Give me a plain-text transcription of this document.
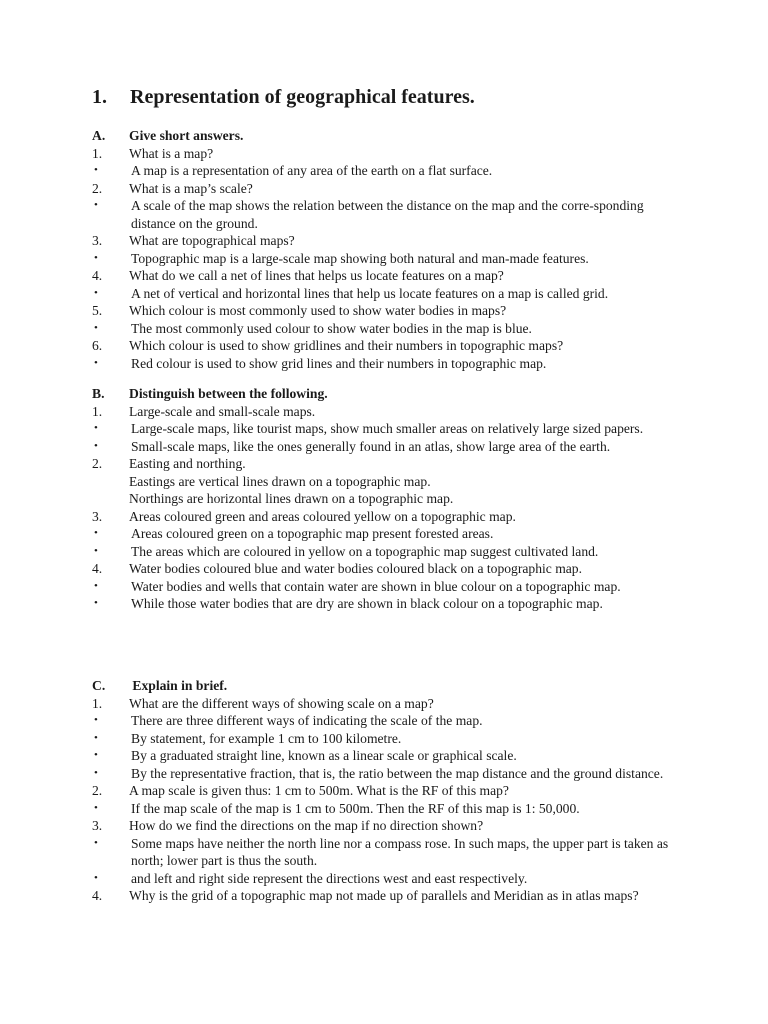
1. Representation of geographical features.
A.	Give short answers.
1.	What is a map?
•	A map is a representation of any area of the earth on a flat surface.
2.	What is a map’s scale?
•	A scale of the map shows the relation between the distance on the map and the corre-sponding distance on the ground.
3.	What are topographical maps?
•	Topographic map is a large-scale map showing both natural and man-made features.
4.	What do we call a net of lines that helps us locate features on a map?
•	A net of vertical and horizontal lines that help us locate features on a map is called grid.
5.	Which colour is most commonly used to show water bodies in maps?
•	The most commonly used colour to show water bodies in the map is blue.
6.	Which colour is used to show gridlines and their numbers in topographic maps?
•	Red colour is used to show grid lines and their numbers in topographic map.
B.	Distinguish between the following.
1.	Large-scale and small-scale maps.
•	Large-scale maps, like tourist maps, show much smaller areas on relatively large sized papers.
•	Small-scale maps, like the ones generally found in an atlas, show large area of the earth.
2.	Easting and northing.
Eastings are vertical lines drawn on a topographic map.
Northings are horizontal lines drawn on a topographic map.
3.	Areas coloured green and areas coloured yellow on a topographic map.
•	Areas coloured green on a topographic map present forested areas.
•	The areas which are coloured in yellow on a topographic map suggest cultivated land.
4.	Water bodies coloured blue and water bodies coloured black on a topographic map.
•	Water bodies and wells that contain water are shown in blue colour on a topographic map.
•	While those water bodies that are dry are shown in black colour on a topographic map.
C.	Explain in brief.
1.	What are the different ways of showing scale on a map?
•	There are three different ways of indicating the scale of the map.
•	By statement, for example 1 cm to 100 kilometre.
•	By a graduated straight line, known as a linear scale or graphical scale.
•	By the representative fraction, that is, the ratio between the map distance and the ground distance.
2.	A map scale is given thus: 1 cm to 500m. What is the RF of this map?
•	If the map scale of the map is 1 cm to 500m. Then the RF of this map is 1: 50,000.
3.	How do we find the directions on the map if no direction shown?
•	Some maps have neither the north line nor a compass rose. In such maps, the upper part is taken as north; lower part is thus the south.
•	and left and right side represent the directions west and east respectively.
4.	Why is the grid of a topographic map not made up of parallels and Meridian as in atlas maps?
